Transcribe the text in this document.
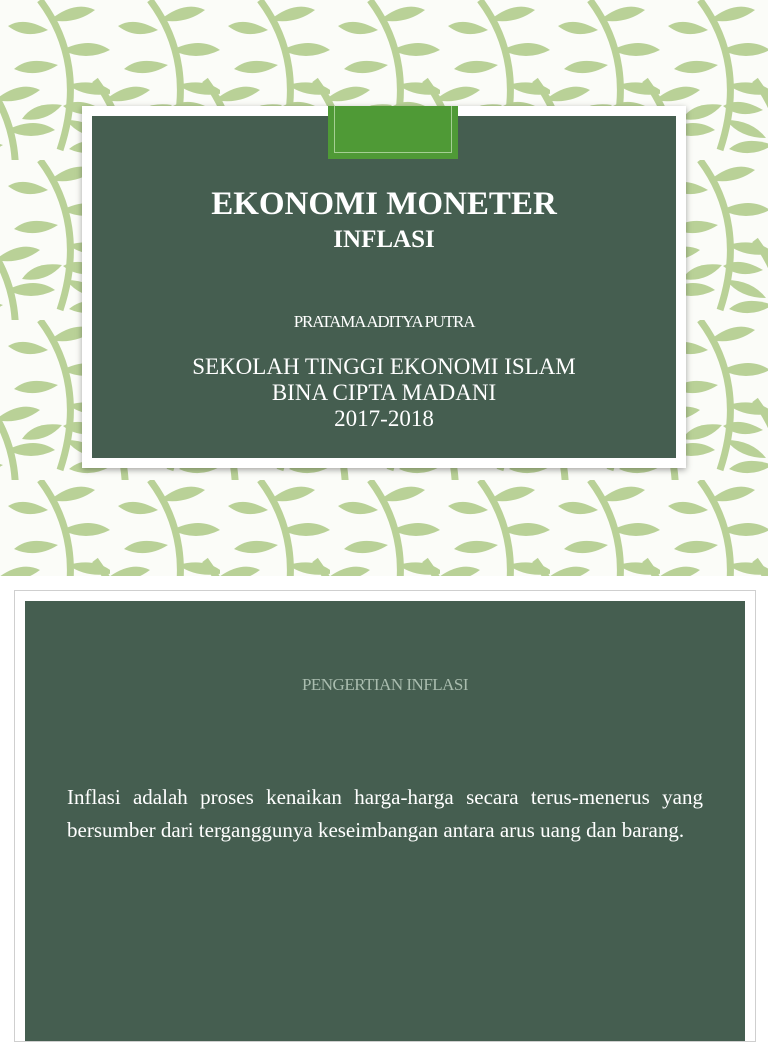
EKONOMI MONETER
INFLASI
PRATAMA ADITYA PUTRA
SEKOLAH TINGGI EKONOMI ISLAM
BINA CIPTA MADANI
2017-2018
PENGERTIAN INFLASI
Inflasi adalah proses kenaikan harga-harga secara terus-menerus yang bersumber dari terganggunya keseimbangan antara arus uang dan barang.
